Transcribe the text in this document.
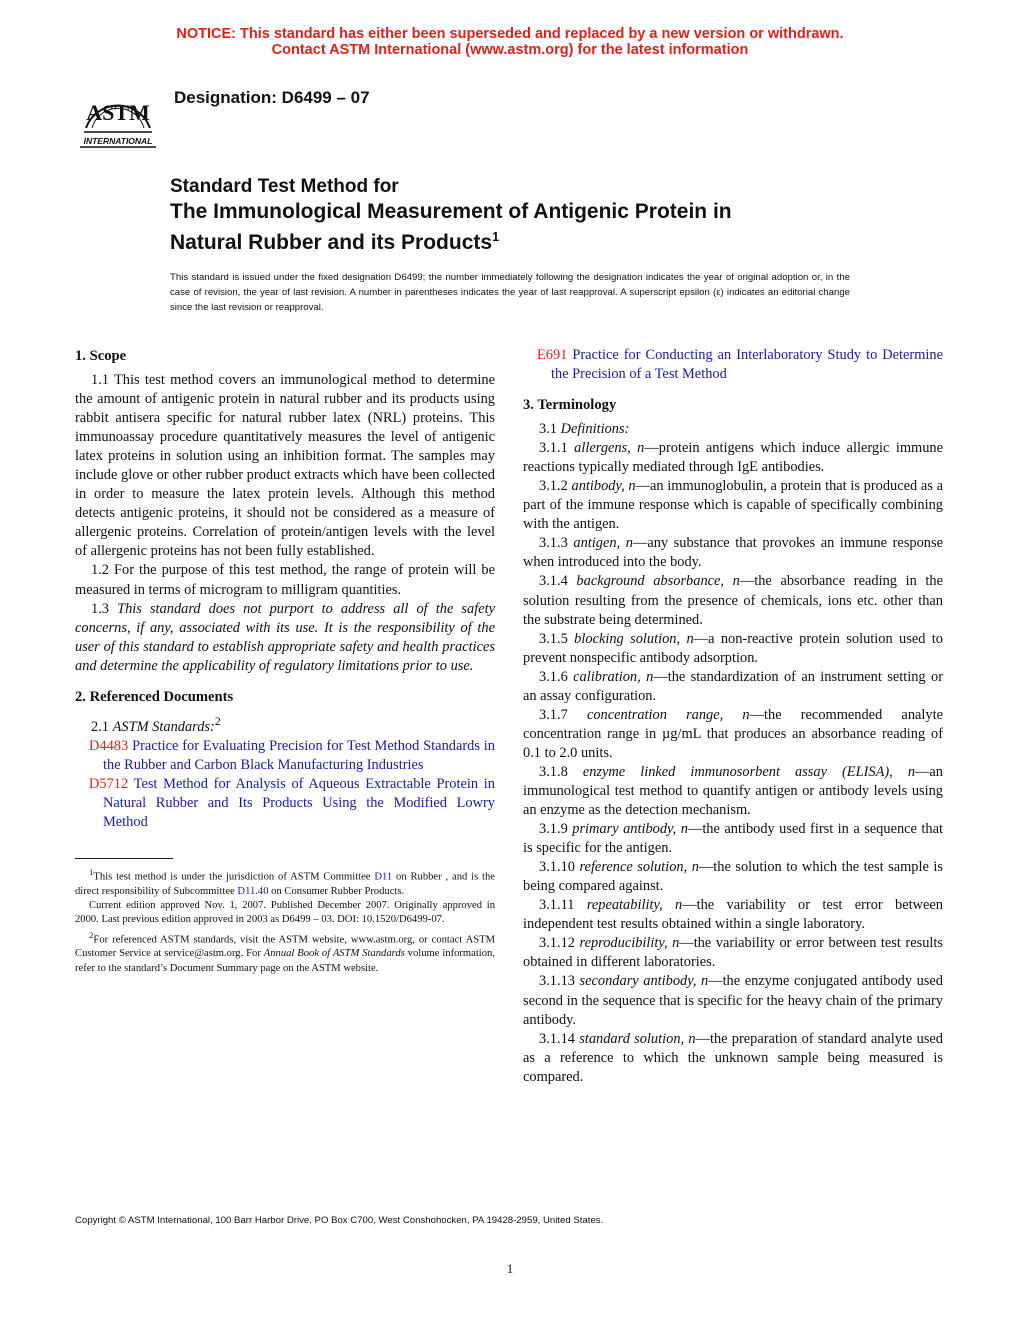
NOTICE: This standard has either been superseded and replaced by a new version or withdrawn.
Contact ASTM International (www.astm.org) for the latest information
ASTM
INTERNATIONAL
Designation: D6499 – 07
Standard Test Method for
The Immunological Measurement of Antigenic Protein in
Natural Rubber and its Products$^1$
This standard is issued under the fixed designation D6499; the number immediately following the designation indicates the year of original adoption or, in the case of revision, the year of last revision. A number in parentheses indicates the year of last reapproval. A superscript epsilon (ε) indicates an editorial change since the last revision or reapproval.
1. Scope

1.1 This test method covers an immunological method to determine the amount of antigenic protein in natural rubber and its products using rabbit antisera specific for natural rubber latex (NRL) proteins. This immunoassay procedure quantitatively measures the level of antigenic latex proteins in solution using an inhibition format. The samples may include glove or other rubber product extracts which have been collected in order to measure the latex protein levels. Although this method detects antigenic proteins, it should not be considered as a measure of allergenic proteins. Correlation of protein/antigen levels with the level of allergenic proteins has not been fully established.

1.2 For the purpose of this test method, the range of protein will be measured in terms of microgram to milligram quantities.

1.3 This standard does not purport to address all of the safety concerns, if any, associated with its use. It is the responsibility of the user of this standard to establish appropriate safety and health practices and determine the applicability of regulatory limitations prior to use.

2. Referenced Documents

2.1 ASTM Standards:$^2$

D4483 Practice for Evaluating Precision for Test Method Standards in the Rubber and Carbon Black Manufacturing Industries

D5712 Test Method for Analysis of Aqueous Extractable Protein in Natural Rubber and Its Products Using the Modified Lowry Method

$^1$This test method is under the jurisdiction of ASTM Committee D11 on Rubber , and is the direct responsibility of Subcommittee D11.40 on Consumer Rubber Products.

Current edition approved Nov. 1, 2007. Published December 2007. Originally approved in 2000. Last previous edition approved in 2003 as D6499 – 03. DOI: 10.1520/D6499-07.

$^2$For referenced ASTM standards, visit the ASTM website, www.astm.org, or contact ASTM Customer Service at service@astm.org. For Annual Book of ASTM Standards volume information, refer to the standard’s Document Summary page on the ASTM website.

E691 Practice for Conducting an Interlaboratory Study to Determine the Precision of a Test Method

3. Terminology

3.1 Definitions:

3.1.1 allergens, n—protein antigens which induce allergic immune reactions typically mediated through IgE antibodies.

3.1.2 antibody, n—an immunoglobulin, a protein that is produced as a part of the immune response which is capable of specifically combining with the antigen.

3.1.3 antigen, n—any substance that provokes an immune response when introduced into the body.

3.1.4 background absorbance, n—the absorbance reading in the solution resulting from the presence of chemicals, ions etc. other than the substrate being determined.

3.1.5 blocking solution, n—a non-reactive protein solution used to prevent nonspecific antibody adsorption.

3.1.6 calibration, n—the standardization of an instrument setting or an assay configuration.

3.1.7 concentration range, n—the recommended analyte concentration range in µg/mL that produces an absorbance reading of 0.1 to 2.0 units.

3.1.8 enzyme linked immunosorbent assay (ELISA), n—an immunological test method to quantify antigen or antibody levels using an enzyme as the detection mechanism.

3.1.9 primary antibody, n—the antibody used first in a sequence that is specific for the antigen.

3.1.10 reference solution, n—the solution to which the test sample is being compared against.

3.1.11 repeatability, n—the variability or test error between independent test results obtained within a single laboratory.

3.1.12 reproducibility, n—the variability or error between test results obtained in different laboratories.

3.1.13 secondary antibody, n—the enzyme conjugated antibody used second in the sequence that is specific for the heavy chain of the primary antibody.

3.1.14 standard solution, n—the preparation of standard analyte used as a reference to which the unknown sample being measured is compared.

Copyright © ASTM International, 100 Barr Harbor Drive, PO Box C700, West Conshohocken, PA 19428-2959, United States.
1
